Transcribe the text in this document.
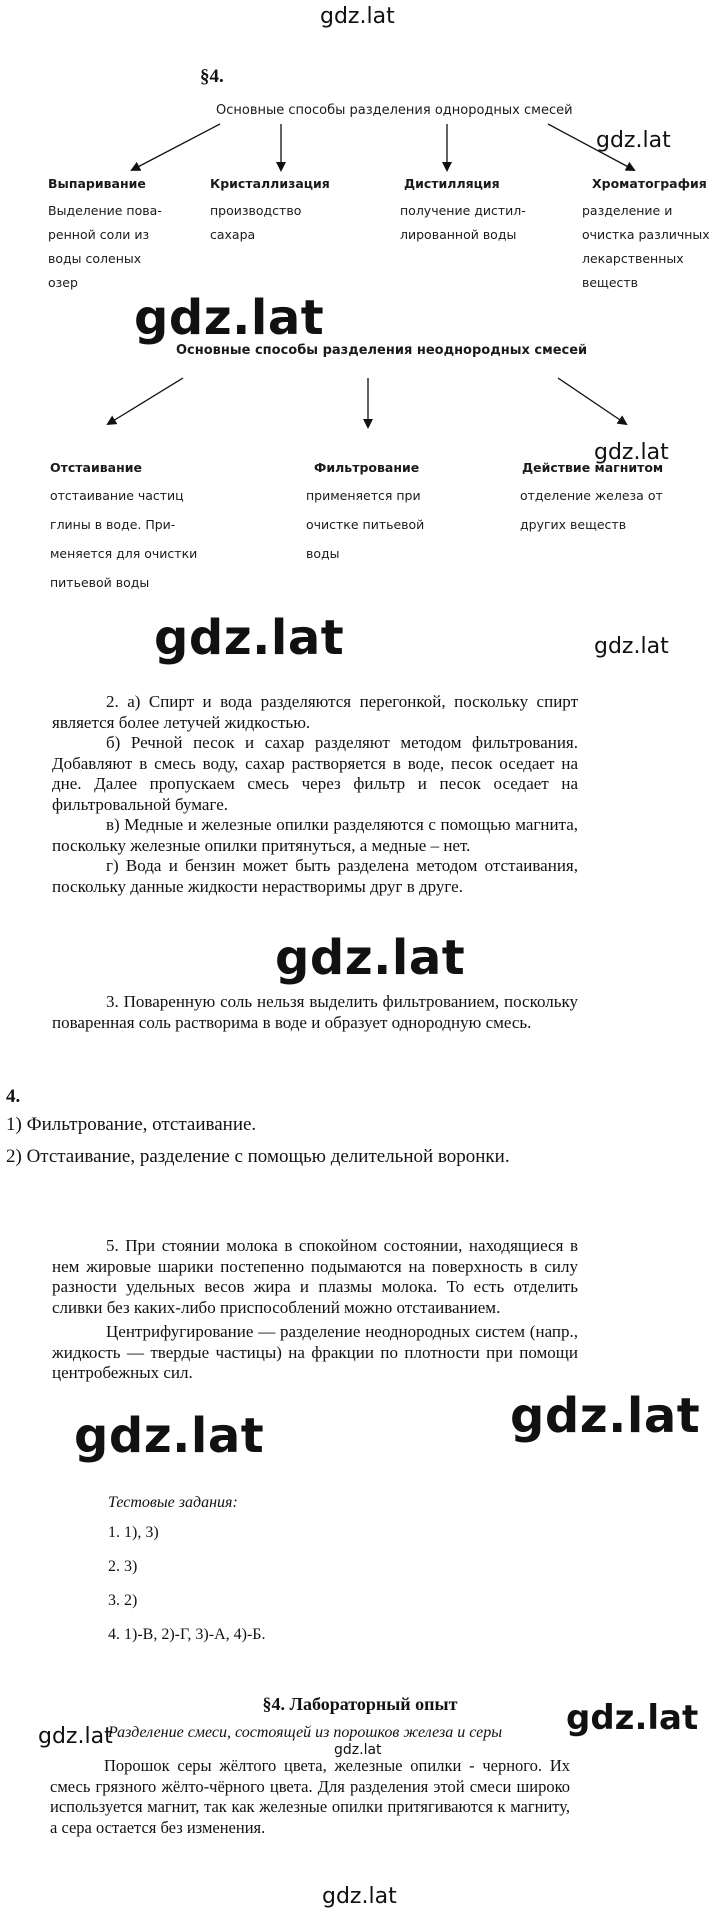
gdz.lat
gdz.lat
gdz.lat
gdz.lat
gdz.lat	gdz.lat
gdz.lat
gdz.lat	gdz.lat
gdz.lat	gdz.lat
gdz.lat
gdz.lat
§4.
Основные способы разделения однородных смесей
Выпаривание
Выделение пова-
ренной соли из
воды соленых
озер
Кристаллизация
производство
сахара
Дистилляция
получение дистил-
лированной воды
Хроматография
разделение и
очистка различных
лекарственных
веществ
Основные способы разделения неоднородных смесей
Отстаивание
отстаивание частиц
глины в воде. При-
меняется для очистки
питьевой воды
Фильтрование
применяется при
очистке питьевой
воды
Действие магнитом
отделение железа от
других веществ

2. а) Спирт и вода разделяются перегонкой, поскольку спирт является более летучей жидкостью.

б) Речной песок и сахар разделяют методом фильтрования. Добавляют в смесь воду, сахар растворяется в воде, песок оседает на дне. Далее пропускаем смесь через фильтр и песок оседает на фильтровальной бумаге.

в) Медные и железные опилки разделяются с помощью магнита, поскольку железные опилки притянуться, а медные – нет.

г) Вода и бензин может быть разделена методом отстаивания, поскольку данные жидкости нерастворимы друг в друге.

3. Поваренную соль нельзя выделить фильтрованием, поскольку поваренная соль растворима в воде и образует однородную смесь.

4.
1) Фильтрование, отстаивание.
2) Отстаивание, разделение с помощью делительной воронки.

5. При стоянии молока в спокойном состоянии, находящиеся в нем жировые шарики постепенно подымаются на поверхность в силу разности удельных весов жира и плазмы молока. То есть отделить сливки без каких-либо приспособлений можно отстаиванием.

Центрифугирование — разделение неоднородных систем (напр., жидкость — твердые частицы) на фракции по плотности при помощи центробежных сил.

Тестовые задания:
1. 1), 3)
2. 3)
3. 2)
4. 1)-В, 2)-Г, 3)-А, 4)-Б.
§4. Лабораторный опыт
Разделение смеси, состоящей из порошков железа и серы

Порошок серы жёлтого цвета, железные опилки - черного. Их смесь грязного жёлто-чёрного цвета. Для разделения этой смеси широко используется магнит, так как железные опилки притягиваются к магниту, а сера остается без изменения.
